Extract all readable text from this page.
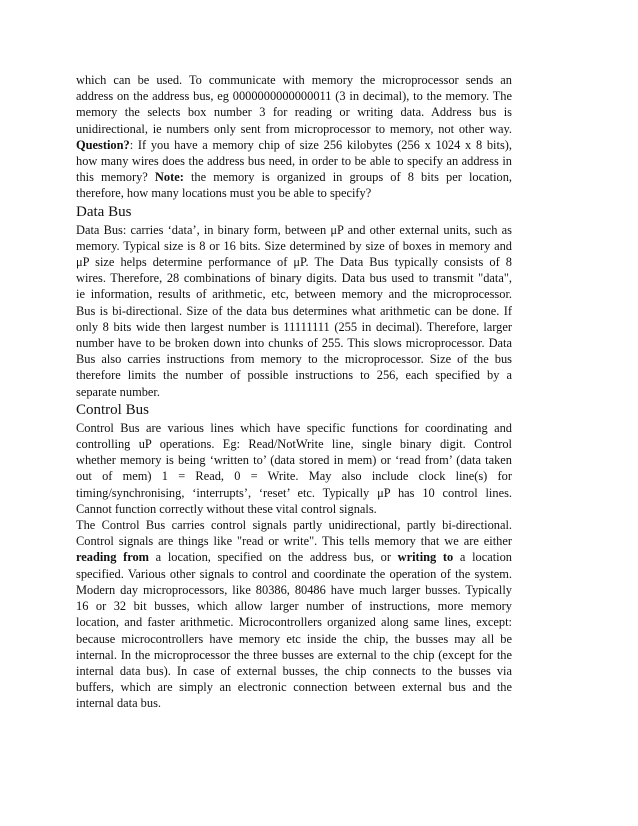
which can be used. To communicate with memory the microprocessor sends an
address on the address bus, eg 0000000000000011 (3 in decimal), to the memory. The
memory the selects box number 3 for reading or writing data. Address bus is
unidirectional, ie numbers only sent from microprocessor to memory, not other way.
Question?: If you have a memory chip of size 256 kilobytes (256 x 1024 x 8 bits),
how many wires does the address bus need, in order to be able to specify an address in
this memory? Note: the memory is organized in groups of 8 bits per location,
therefore, how many locations must you be able to specify?
Data Bus
Data Bus: carries ‘data’, in binary form, between μP and other external units, such as
memory. Typical size is 8 or 16 bits. Size determined by size of boxes in memory and
μP size helps determine performance of μP. The Data Bus typically consists of 8
wires. Therefore, 28 combinations of binary digits. Data bus used to transmit "data",
ie information, results of arithmetic, etc, between memory and the microprocessor.
Bus is bi-directional. Size of the data bus determines what arithmetic can be done. If
only 8 bits wide then largest number is 11111111 (255 in decimal). Therefore, larger
number have to be broken down into chunks of 255. This slows microprocessor. Data
Bus also carries instructions from memory to the microprocessor. Size of the bus
therefore limits the number of possible instructions to 256, each specified by a
separate number.
Control Bus
Control Bus are various lines which have specific functions for coordinating and
controlling uP operations. Eg: Read/NotWrite line, single binary digit. Control
whether memory is being ‘written to’ (data stored in mem) or ‘read from’ (data taken
out of mem) 1 = Read, 0 = Write. May also include clock line(s) for
timing/synchronising, ‘interrupts’, ‘reset’ etc. Typically μP has 10 control lines.
Cannot function correctly without these vital control signals.
The Control Bus carries control signals partly unidirectional, partly bi-directional.
Control signals are things like "read or write". This tells memory that we are either
reading from a location, specified on the address bus, or writing to a location
specified. Various other signals to control and coordinate the operation of the system.
Modern day microprocessors, like 80386, 80486 have much larger busses. Typically
16 or 32 bit busses, which allow larger number of instructions, more memory
location, and faster arithmetic. Microcontrollers organized along same lines, except:
because microcontrollers have memory etc inside the chip, the busses may all be
internal. In the microprocessor the three busses are external to the chip (except for the
internal data bus). In case of external busses, the chip connects to the busses via
buffers, which are simply an electronic connection between external bus and the
internal data bus.
